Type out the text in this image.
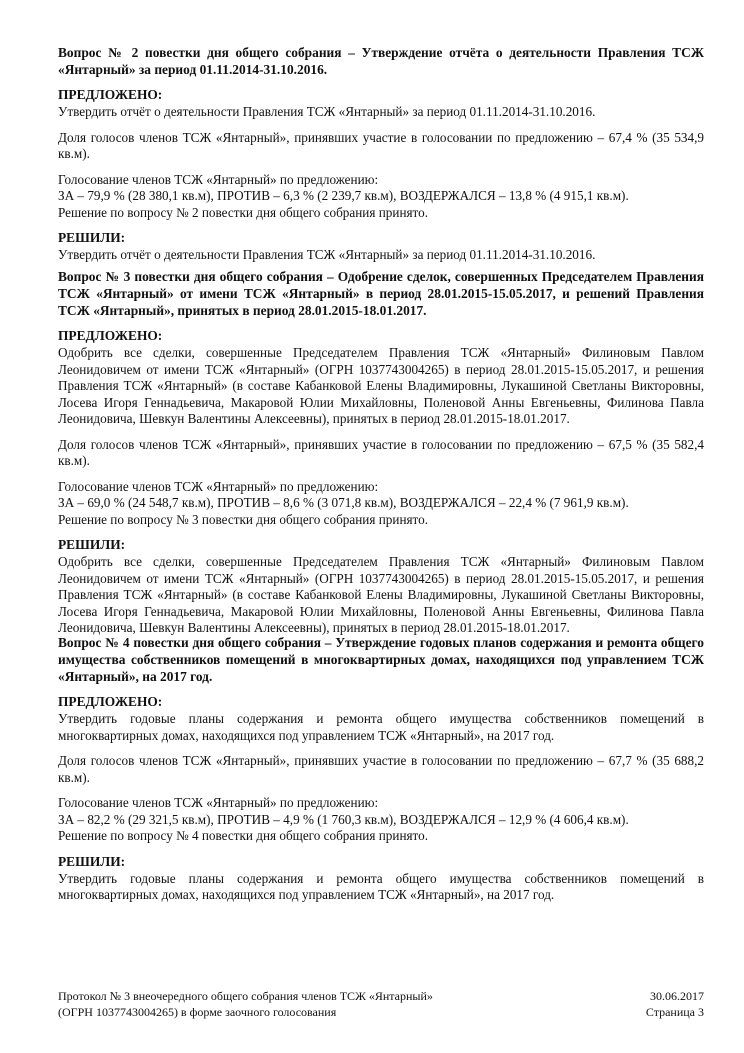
Вопрос № 2 повестки дня общего собрания – Утверждение отчёта о деятельности Правления ТСЖ «Янтарный» за период 01.11.2014-31.10.2016.
ПРЕДЛОЖЕНО:
Утвердить отчёт о деятельности Правления ТСЖ «Янтарный» за период 01.11.2014-31.10.2016.
Доля голосов членов ТСЖ «Янтарный», принявших участие в голосовании по предложению – 67,4 % (35 534,9 кв.м).
Голосование членов ТСЖ «Янтарный» по предложению:
ЗА – 79,9 % (28 380,1 кв.м), ПРОТИВ – 6,3 % (2 239,7 кв.м), ВОЗДЕРЖАЛСЯ – 13,8 % (4 915,1 кв.м).
Решение по вопросу № 2 повестки дня общего собрания принято.
РЕШИЛИ:
Утвердить отчёт о деятельности Правления ТСЖ «Янтарный» за период 01.11.2014-31.10.2016.
Вопрос № 3 повестки дня общего собрания – Одобрение сделок, совершенных Председателем Правления ТСЖ «Янтарный» от имени ТСЖ «Янтарный» в период 28.01.2015-15.05.2017, и решений Правления ТСЖ «Янтарный», принятых в период 28.01.2015-18.01.2017.
ПРЕДЛОЖЕНО:
Одобрить все сделки, совершенные Председателем Правления ТСЖ «Янтарный» Филиновым Павлом Леонидовичем от имени ТСЖ «Янтарный» (ОГРН 1037743004265) в период 28.01.2015-15.05.2017, и решения Правления ТСЖ «Янтарный» (в составе Кабанковой Елены Владимировны, Лукашиной Светланы Викторовны, Лосева Игоря Геннадьевича, Макаровой Юлии Михайловны, Поленовой Анны Евгеньевны, Филинова Павла Леонидовича, Шевкун Валентины Алексеевны), принятых в период 28.01.2015-18.01.2017.
Доля голосов членов ТСЖ «Янтарный», принявших участие в голосовании по предложению – 67,5 % (35 582,4 кв.м).
Голосование членов ТСЖ «Янтарный» по предложению:
ЗА – 69,0 % (24 548,7 кв.м), ПРОТИВ – 8,6 % (3 071,8 кв.м), ВОЗДЕРЖАЛСЯ – 22,4 % (7 961,9 кв.м).
Решение по вопросу № 3 повестки дня общего собрания принято.
РЕШИЛИ:
Одобрить все сделки, совершенные Председателем Правления ТСЖ «Янтарный» Филиновым Павлом Леонидовичем от имени ТСЖ «Янтарный» (ОГРН 1037743004265) в период 28.01.2015-15.05.2017, и решения Правления ТСЖ «Янтарный» (в составе Кабанковой Елены Владимировны, Лукашиной Светланы Викторовны, Лосева Игоря Геннадьевича, Макаровой Юлии Михайловны, Поленовой Анны Евгеньевны, Филинова Павла Леонидовича, Шевкун Валентины Алексеевны), принятых в период 28.01.2015-18.01.2017.
Вопрос № 4 повестки дня общего собрания – Утверждение годовых планов содержания и ремонта общего имущества собственников помещений в многоквартирных домах, находящихся под управлением ТСЖ «Янтарный», на 2017 год.
ПРЕДЛОЖЕНО:
Утвердить годовые планы содержания и ремонта общего имущества собственников помещений в многоквартирных домах, находящихся под управлением ТСЖ «Янтарный», на 2017 год.
Доля голосов членов ТСЖ «Янтарный», принявших участие в голосовании по предложению – 67,7 % (35 688,2 кв.м).
Голосование членов ТСЖ «Янтарный» по предложению:
ЗА – 82,2 % (29 321,5 кв.м), ПРОТИВ – 4,9 % (1 760,3 кв.м), ВОЗДЕРЖАЛСЯ – 12,9 % (4 606,4 кв.м).
Решение по вопросу № 4 повестки дня общего собрания принято.
РЕШИЛИ:
Утвердить годовые планы содержания и ремонта общего имущества собственников помещений в многоквартирных домах, находящихся под управлением ТСЖ «Янтарный», на 2017 год.
Протокол № 3 внеочередного общего собрания членов ТСЖ «Янтарный»
(ОГРН 1037743004265) в форме заочного голосования
30.06.2017
Страница 3
